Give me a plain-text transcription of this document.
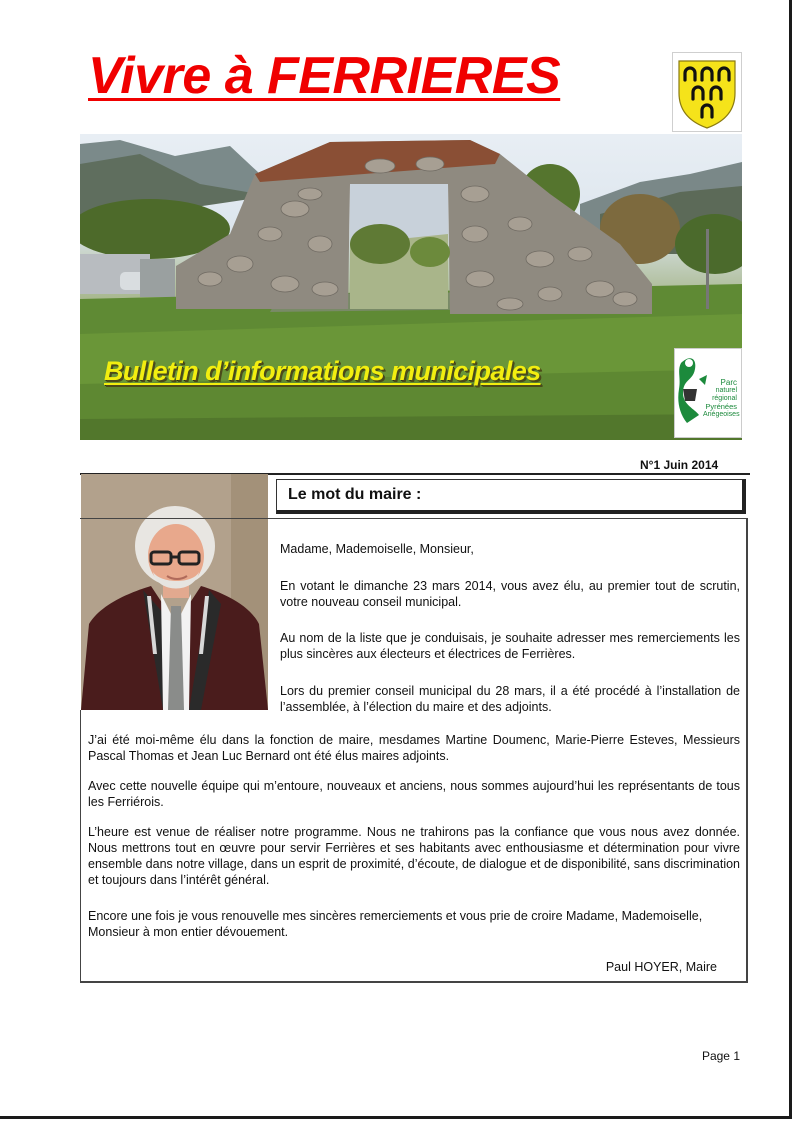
Vivre à FERRIERES
Bulletin d’informations municipales	Parc
naturel
régional
Pyrénées
Ariégeoises
N°1 Juin 2014
Le mot du maire :

Madame, Mademoiselle, Monsieur,

En votant le dimanche 23 mars 2014, vous avez élu, au premier tout de scrutin, votre nouveau conseil municipal.

Au nom de la liste que je conduisais, je souhaite adresser mes remerciements les plus sincères aux électeurs et électrices de Ferrières.

Lors du premier conseil municipal du 28 mars, il a été procédé à l’installation de l’assemblée, à l’élection du maire et des adjoints.

J’ai été moi-même élu dans la fonction de maire, mesdames Martine Doumenc, Marie-Pierre Esteves, Messieurs Pascal Thomas et Jean Luc Bernard ont été élus maires adjoints.

Avec cette nouvelle équipe qui m’entoure, nouveaux et anciens, nous sommes aujourd’hui les représentants de tous les Ferriérois.

L’heure est venue de réaliser notre programme. Nous ne trahirons pas la confiance que vous nous avez donnée. Nous mettrons tout en œuvre pour servir Ferrières et ses habitants avec enthousiasme et détermination pour vivre ensemble dans notre village, dans un esprit de proximité, d’écoute, de dialogue et de disponibilité, sans discrimination et toujours dans l’intérêt général.

Encore une fois je vous renouvelle mes sincères remerciements et vous prie de croire Madame, Mademoiselle, Monsieur à mon entier dévouement.

Paul HOYER, Maire

Page 1
